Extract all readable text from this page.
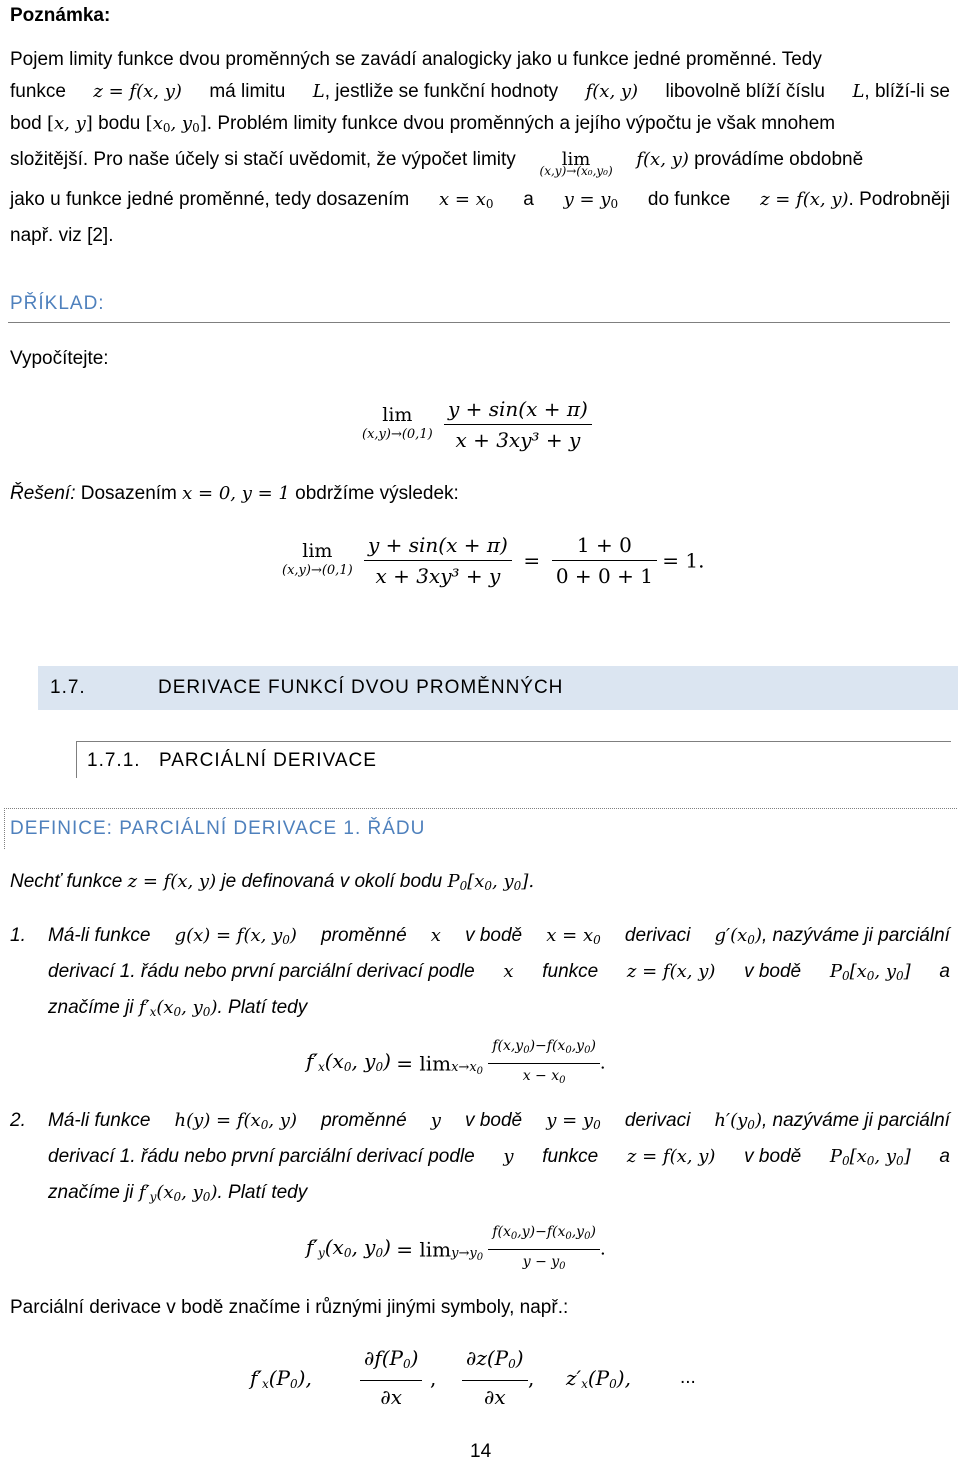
Poznámka:
Pojem limity funkce dvou proměnných se zavádí analogicky jako u funkce jedné proměnné. Tedy
funkce z = f(x, y) má limitu L, jestliže se funkční hodnoty f(x, y) libovolně blíží číslu L, blíží-li se
bod [x, y] bodu [$x_0$, $y_0$]. Problém limity funkce dvou proměnných a jejího výpočtu je však mnohem
složitější. Pro naše účely si stačí uvědomit, že výpočet limity	lim
(x,y)→(x₀,y₀)
f(x, y) provádíme obdobně
jako u funkce jedné proměnné, tedy dosazením $x = x_0$ a $y = y_0$ do funkce z = f(x, y). Podrobněji
např. viz [2].
PŘÍKLAD:
Vypočítejte:
lim
(x,y)→(0,1)
$\frac{y + \sin(x + \pi)}{\text{x + 3xy³ + y}}$
Řešení: Dosazením x = 0, y = 1 obdržíme výsledek:
lim
(x,y)→(0,1)
$\frac{y + \sin(x + \pi)}{\text{x + 3xy³ + y}} = \frac{1 + 0}{0 + 0 + 1} = 1$.
1.7.	DERIVACE FUNKCÍ DVOU PROMĚNNÝCH
1.7.1. PARCIÁLNÍ DERIVACE
DEFINICE: PARCIÁLNÍ DERIVACE 1. ŘÁDU
Nechť funkce z = f(x, y) je definovaná v okolí bodu $P_0[x_0$, $y_0$].
1. Má-li funkce g(x) = f(x, $y_0$) proměnné x v bodě $x = x_0$ derivaci $g'(x_0)$, nazýváme ji parciální
derivací 1. řádu nebo první parciální derivací podle x funkce z = f(x, y) v bodě $P_0[x_0$, $y_0$] a
značíme ji $f'_x(x_0$, $y_0$). Platí tedy
$f'_x(x_0$, $y_0) = \lim x\to x_0 \frac{f(x,y_0)-f(x_0,y_0)}{x - x_0}$ .
2. Má-li funkce $h(y) = f(x_0$, y) proměnné y v bodě $y = y_0$ derivaci $h'(y_0)$, nazýváme ji parciální
derivací 1. řádu nebo první parciální derivací podle y funkce z = f(x, y) v bodě $P_0[x_0$, $y_0$] a
značíme ji $f'_y(x_0$, $y_0$). Platí tedy
$f'_y(x_0$, $y_0) = \lim y\to y_0 \frac{f(x_0,y)-f(x_0,y_0)}{y - y_0}$ .
Parciální derivace v bodě značíme i různými jinými symboly, např.:
$f'_x(P_0)$, $\frac{\partial f(P_0)}{\partial x}$ , $\frac{\partial z(P_0)}{\partial x}$ , $z'_x(P_0)$,	...
14
